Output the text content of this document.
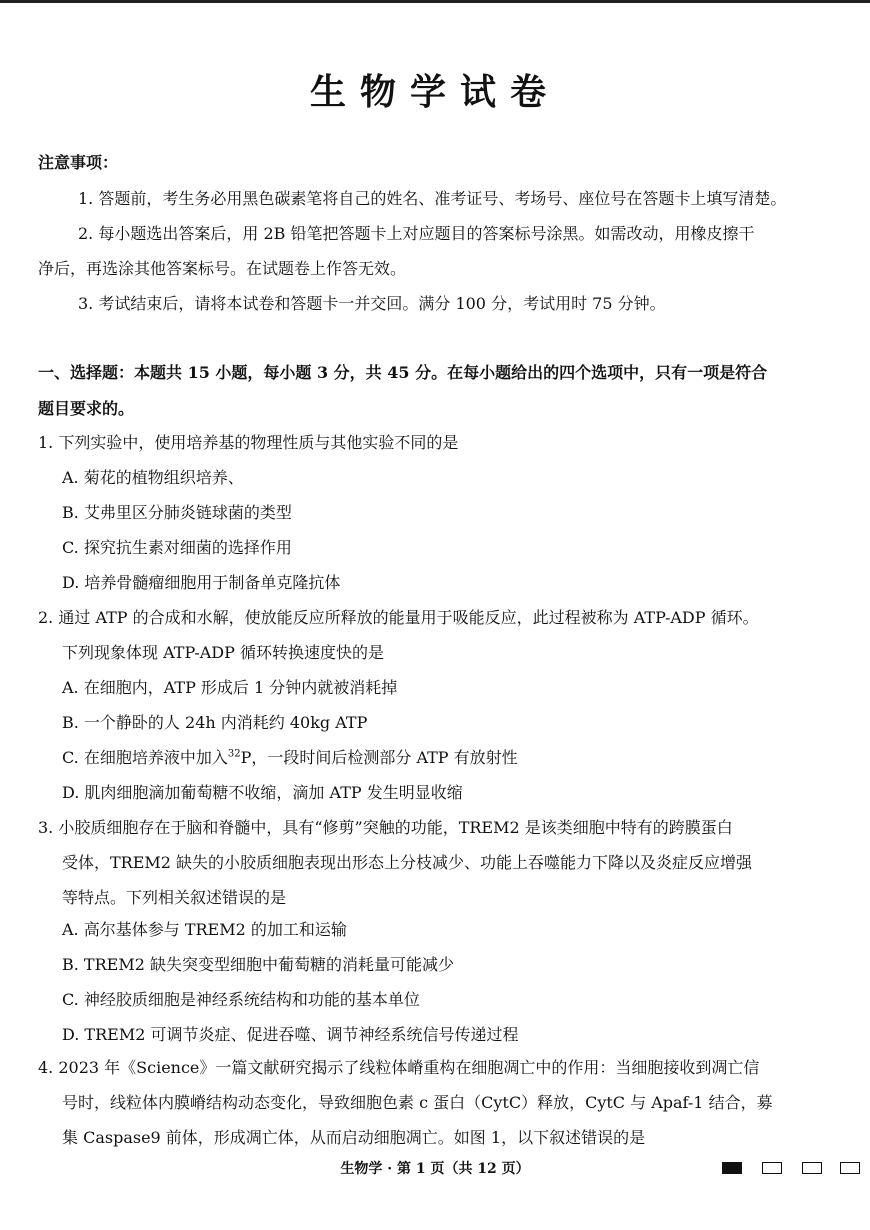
生物学试卷
注意事项：
1. 答题前，考生务必用黑色碳素笔将自己的姓名、准考证号、考场号、座位号在答题卡上填写清楚。
2. 每小题选出答案后，用 2B 铅笔把答题卡上对应题目的答案标号涂黑。如需改动，用橡皮擦干
净后，再选涂其他答案标号。在试题卷上作答无效。
3. 考试结束后，请将本试卷和答题卡一并交回。满分 100 分，考试用时 75 分钟。
一、选择题：本题共 15 小题，每小题 3 分，共 45 分。在每小题给出的四个选项中，只有一项是符合
题目要求的。
1. 下列实验中，使用培养基的物理性质与其他实验不同的是
A. 菊花的植物组织培养、
B. 艾弗里区分肺炎链球菌的类型
C. 探究抗生素对细菌的选择作用
D. 培养骨髓瘤细胞用于制备单克隆抗体
2. 通过 ATP 的合成和水解，使放能反应所释放的能量用于吸能反应，此过程被称为 ATP-ADP 循环。
下列现象体现 ATP-ADP 循环转换速度快的是
A. 在细胞内，ATP 形成后 1 分钟内就被消耗掉
B. 一个静卧的人 24h 内消耗约 40kg ATP
C. 在细胞培养液中加入$^{32}$P，一段时间后检测部分 ATP 有放射性
D. 肌肉细胞滴加葡萄糖不收缩，滴加 ATP 发生明显收缩
3. 小胶质细胞存在于脑和脊髓中，具有“修剪”突触的功能，TREM2 是该类细胞中特有的跨膜蛋白
受体，TREM2 缺失的小胶质细胞表现出形态上分枝减少、功能上吞噬能力下降以及炎症反应增强
等特点。下列相关叙述错误的是
A. 高尔基体参与 TREM2 的加工和运输
B. TREM2 缺失突变型细胞中葡萄糖的消耗量可能减少
C. 神经胶质细胞是神经系统结构和功能的基本单位
D. TREM2 可调节炎症、促进吞噬、调节神经系统信号传递过程
4. 2023 年《Science》一篇文献研究揭示了线粒体嵴重构在细胞凋亡中的作用：当细胞接收到凋亡信
号时，线粒体内膜嵴结构动态变化，导致细胞色素 c 蛋白（CytC）释放，CytC 与 Apaf-1 结合，募
集 Caspase9 前体，形成凋亡体，从而启动细胞凋亡。如图 1，以下叙述错误的是
生物学 · 第 1 页（共 12 页）
